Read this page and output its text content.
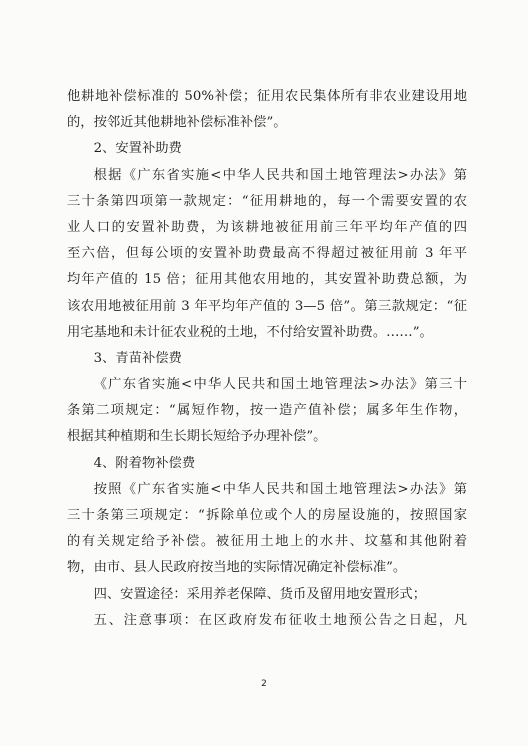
他耕地补偿标准的 50%补偿；征用农民集体所有非农业建设用地
的，按邻近其他耕地补偿标准补偿”。
2、安置补助费
根据《广东省实施<中华人民共和国土地管理法>办法》第
三十条第四项第一款规定：“征用耕地的，每一个需要安置的农
业人口的安置补助费，为该耕地被征用前三年平均年产值的四
至六倍，但每公顷的安置补助费最高不得超过被征用前 3 年平
均年产值的 15 倍；征用其他农用地的，其安置补助费总额，为
该农用地被征用前 3 年平均年产值的 3—5 倍”。第三款规定：“征
用宅基地和未计征农业税的土地，不付给安置补助费。……”。
3、青苗补偿费
《广东省实施<中华人民共和国土地管理法>办法》第三十
条第二项规定：“属短作物，按一造产值补偿；属多年生作物，
根据其种植期和生长期长短给予办理补偿”。
4、附着物补偿费
按照《广东省实施<中华人民共和国土地管理法>办法》第
三十条第三项规定：“拆除单位或个人的房屋设施的，按照国家
的有关规定给予补偿。被征用土地上的水井、坟墓和其他附着
物，由市、县人民政府按当地的实际情况确定补偿标准”。
四、安置途径：采用养老保障、货币及留用地安置形式；
五、注意事项：在区政府发布征收土地预公告之日起，凡
2
